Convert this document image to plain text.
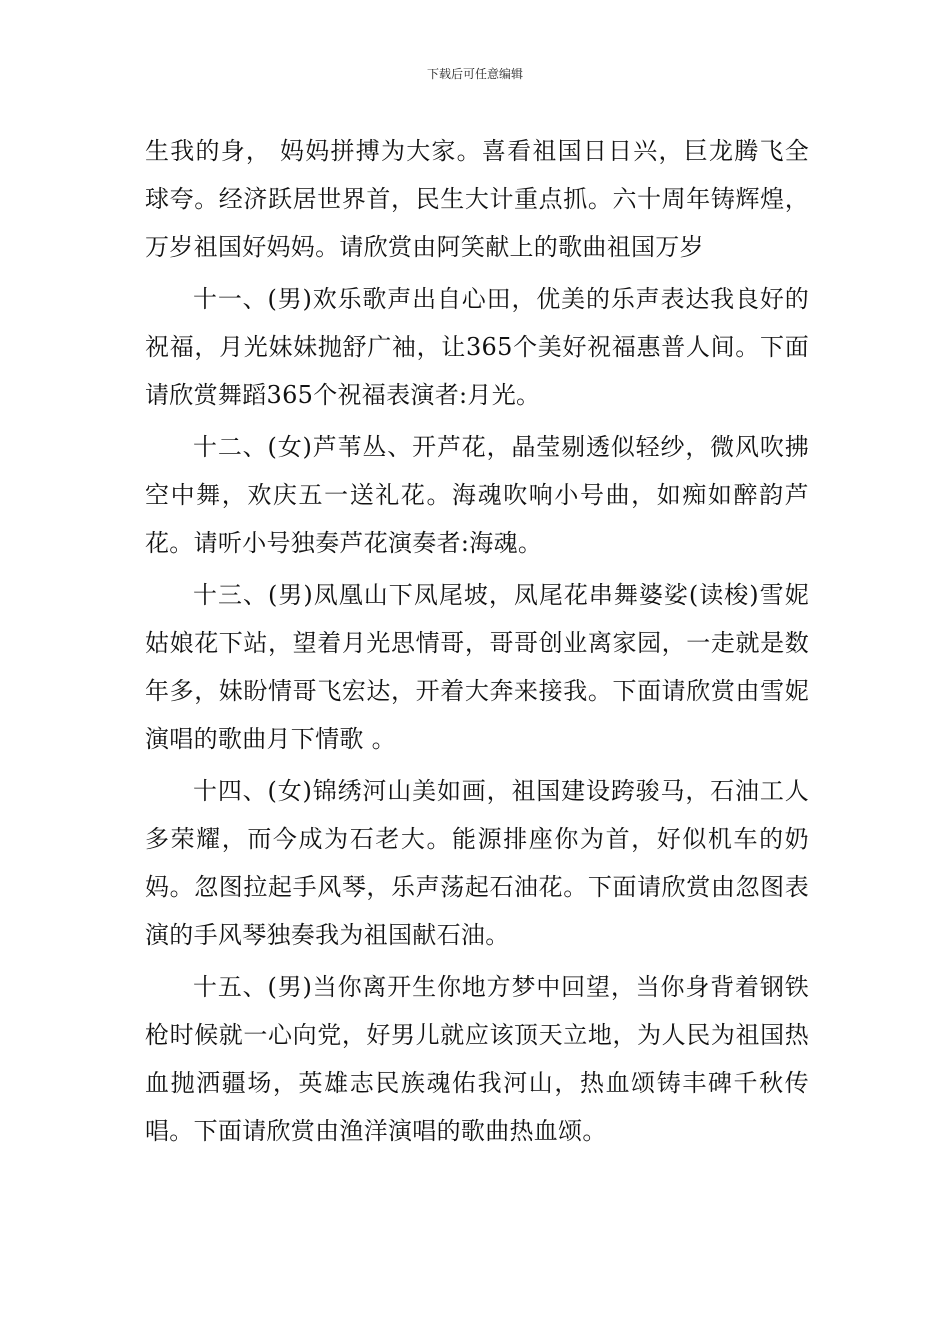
下载后可任意编辑

生我的身， 妈妈拼搏为大家。喜看祖国日日兴，巨龙腾飞全球夸。经济跃居世界首，民生大计重点抓。六十周年铸辉煌，万岁祖国好妈妈。请欣赏由阿笑献上的歌曲祖国万岁

十一、(男)欢乐歌声出自心田，优美的乐声表达我良好的祝福，月光妹妹抛舒广袖，让365个美好祝福惠普人间。下面请欣赏舞蹈365个祝福表演者:月光。

十二、(女)芦苇丛、开芦花，晶莹剔透似轻纱，微风吹拂空中舞，欢庆五一送礼花。海魂吹响小号曲，如痴如醉韵芦花。请听小号独奏芦花演奏者:海魂。

十三、(男)凤凰山下凤尾坡，凤尾花串舞婆娑(读梭)雪妮姑娘花下站，望着月光思情哥，哥哥创业离家园，一走就是数年多，妹盼情哥飞宏达，开着大奔来接我。下面请欣赏由雪妮演唱的歌曲月下情歌 。

十四、(女)锦绣河山美如画，祖国建设跨骏马，石油工人多荣耀，而今成为石老大。能源排座你为首，好似机车的奶妈。忽图拉起手风琴，乐声荡起石油花。下面请欣赏由忽图表演的手风琴独奏我为祖国献石油。

十五、(男)当你离开生你地方梦中回望，当你身背着钢铁枪时候就一心向党，好男儿就应该顶天立地，为人民为祖国热血抛洒疆场，英雄志民族魂佑我河山，热血颂铸丰碑千秋传唱。下面请欣赏由渔洋演唱的歌曲热血颂。
